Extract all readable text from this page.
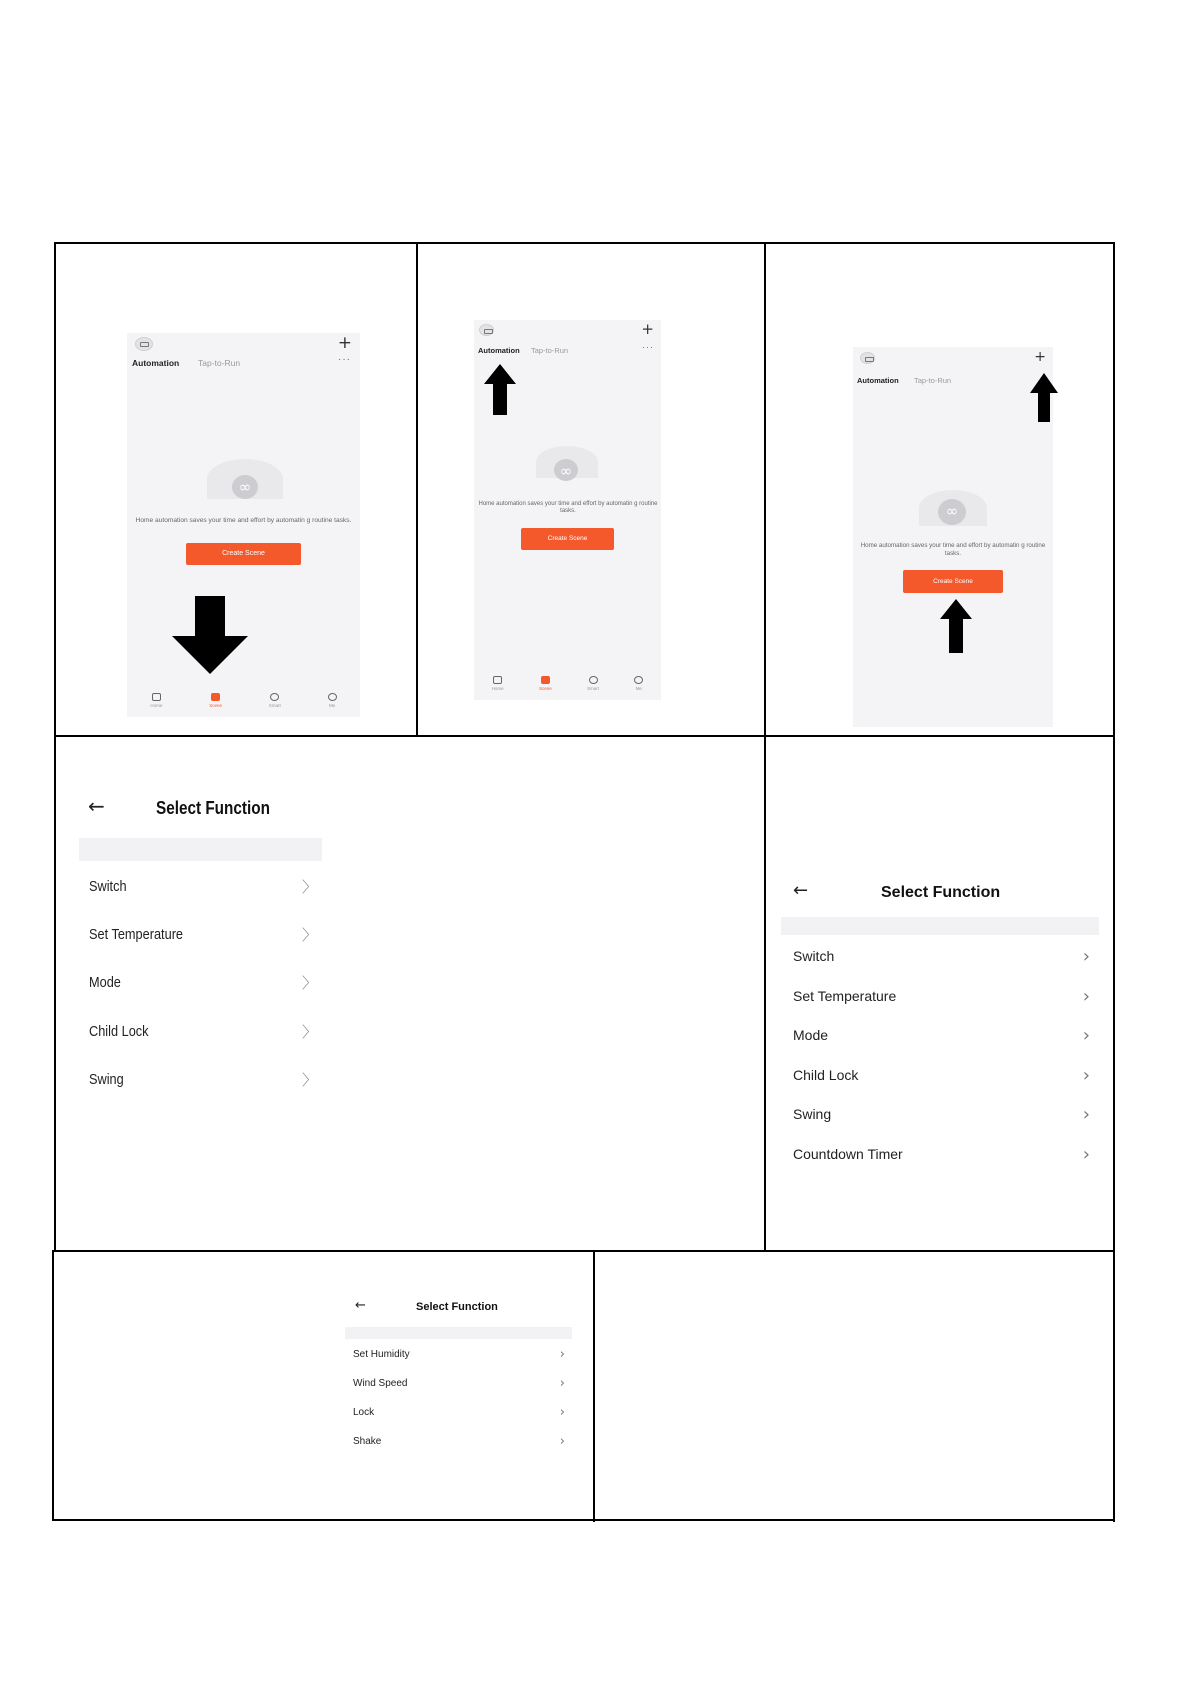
+
Automation Tap-to-Run	···
∞
Home automation saves your time and effort by automatin g routine tasks.
Create Scene
Home	Scene	Smart	Me
+
Automation Tap-to-Run	···
∞
Home automation saves your time and effort by automatin g routine tasks.
Create Scene
Home	Scene	Smart	Me
+
Automation Tap-to-Run
∞
Home automation saves your time and effort by automatin g routine tasks.
Create Scene
←	Select Function
Switch	〉
Set Temperature	〉
Mode	〉
Child Lock	〉
Swing	〉
←	Select Function
Switch	›
Set Temperature	›
Mode	›
Child Lock	›
Swing	›
Countdown Timer	›
←	Select Function
Set Humidity	›
Wind Speed	›
Lock	›
Shake	›
